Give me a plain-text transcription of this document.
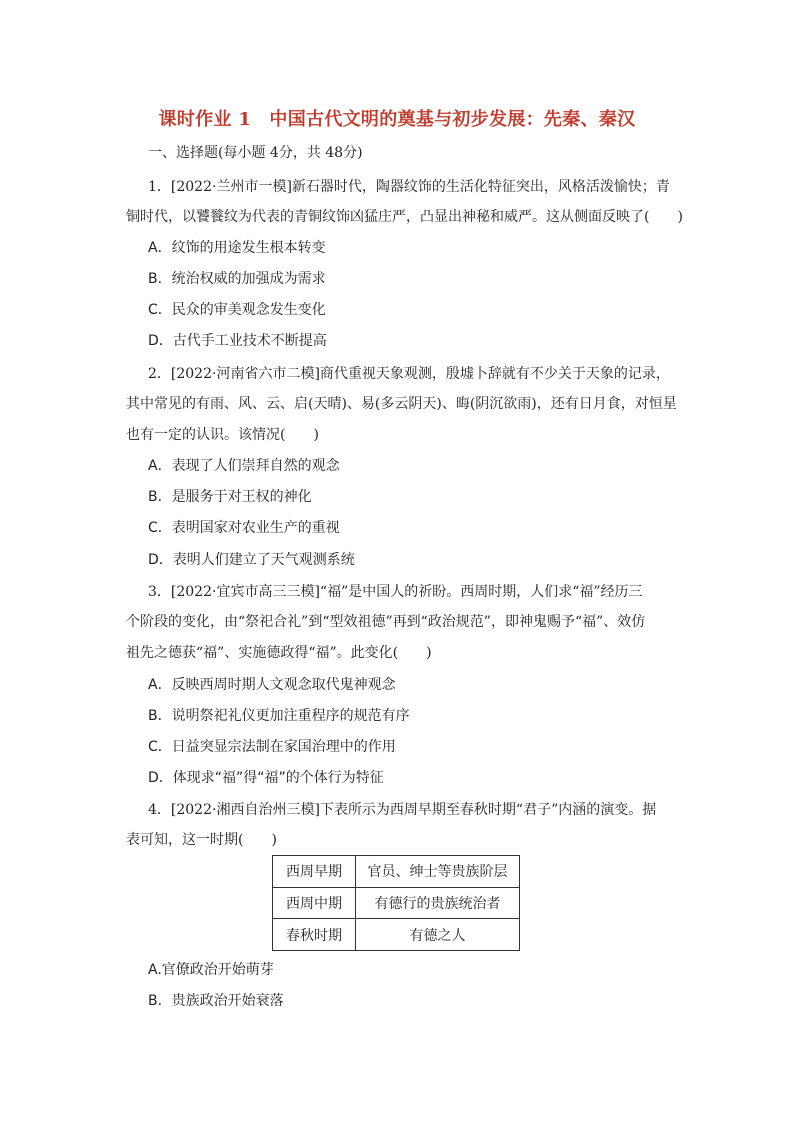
课时作业 1　中国古代文明的奠基与初步发展：先秦、秦汉
一、选择题(每小题 4分，共 48分)
1．[2022·兰州市一模]新石器时代，陶器纹饰的生活化特征突出，风格活泼愉快；青
铜时代，以饕餮纹为代表的青铜纹饰凶猛庄严，凸显出神秘和威严。这从侧面反映了(　　)
A．纹饰的用途发生根本转变
B．统治权威的加强成为需求
C．民众的审美观念发生变化
D．古代手工业技术不断提高
2．[2022·河南省六市二模]商代重视天象观测，殷墟卜辞就有不少关于天象的记录，
其中常见的有雨、风、云、启(天晴)、易(多云阴天)、晦(阴沉欲雨)，还有日月食，对恒星
也有一定的认识。该情况(　　)
A．表现了人们崇拜自然的观念
B．是服务于对王权的神化
C．表明国家对农业生产的重视
D．表明人们建立了天气观测系统
3．[2022·宜宾市高三三模]“福”是中国人的祈盼。西周时期，人们求“福”经历三
个阶段的变化，由“祭祀合礼”到“型效祖德”再到“政治规范”，即神鬼赐予“福”、效仿
祖先之德获“福”、实施德政得“福”。此变化(　　)
A．反映西周时期人文观念取代鬼神观念
B．说明祭祀礼仪更加注重程序的规范有序
C．日益突显宗法制在家国治理中的作用
D．体现求“福”得“福”的个体行为特征
4．[2022·湘西自治州三模]下表所示为西周早期至春秋时期“君子”内涵的演变。据
表可知，这一时期(　　)
西周早期	官员、绅士等贵族阶层
西周中期	有德行的贵族统治者
春秋时期	有德之人
A.官僚政治开始萌芽
B．贵族政治开始衰落
